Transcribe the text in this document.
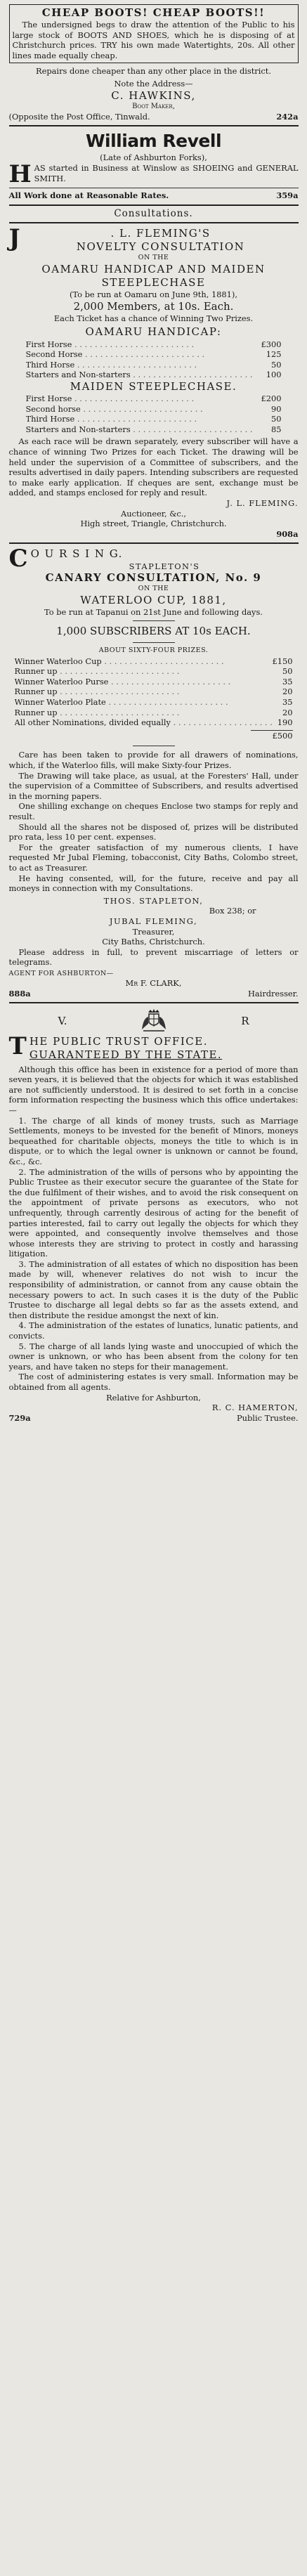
CHEAP BOOTS! CHEAP BOOTS!!

The undersigned begs to draw the attention of the Public to his large stock of BOOTS AND SHOES, which he is disposing of at Christchurch prices. TRY his own made Watertights, 20s. All other lines made equally cheap.

Repairs done cheaper than any other place in the district.

Note the Address—

C. HAWKINS,

Boot Maker,

(Opposite the Post Office, Tinwald.	242a

William Revell

(Late of Ashburton Forks),

H AS started in Business at Winslow as SHOEING and GENERAL SMITH.

All Work done at Reasonable Rates.	359a

Consultations.

J	. L. FLEMING'S

NOVELTY CONSULTATION

ON THE

OAMARU HANDICAP AND MAIDEN STEEPLECHASE

(To be run at Oamaru on June 9th, 1881),

2,000 Members, at 10s. Each.

Each Ticket has a chance of Winning Two Prizes.

OAMARU HANDICAP:

First Horse . . .	£300

Second Horse . . .	125

Third Horse . . .	50

Starters and Non-starters . . .	100

MAIDEN STEEPLECHASE.

First Horse . . .	£200

Second horse . . .	90

Third Horse . . .	50

Starters and Non-starters . . .	85

As each race will be drawn separately, every subscriber will have a chance of winning Two Prizes for each Ticket. The drawing will be held under the supervision of a Committee of subscribers, and the results advertised in daily papers. Intending subscribers are requested to make early application. If cheques are sent, exchange must be added, and stamps enclosed for reply and result.

J. L. FLEMING.

Auctioneer, &c.,

High street, Triangle, Christchurch.

908a

C O U R S I N G.

STAPLETON'S

CANARY CONSULTATION, No. 9

ON THE

WATERLOO CUP, 1881,

To be run at Tapanui on 21st June and following days.

1,000 SUBSCRIBERS AT 10s EACH.

ABOUT SIXTY-FOUR PRIZES.

Winner Waterloo Cup . . .	£150

Runner up . . .	50

Winner Waterloo Purse . . .	35

Runner up . . .	20

Winner Waterloo Plate . . .	35

Runner up . . .	20

All other Nominations, divided equally . . .	190

£500

Care has been taken to provide for all drawers of nominations, which, if the Waterloo fills, will make Sixty-four Prizes.

The Drawing will take place, as usual, at the Foresters' Hall, under the supervision of a Committee of Subscribers, and results advertised in the morning papers.

One shilling exchange on cheques Enclose two stamps for reply and result.

Should all the shares not be disposed of, prizes will be distributed pro rata, less 10 per cent. expenses.

For the greater satisfaction of my numerous clients, I have requested Mr Jubal Fleming, tobacconist, City Baths, Colombo street, to act as Treasurer.

He having consented, will, for the future, receive and pay all moneys in connection with my Consultations.

THOS. STAPLETON,

Box 238; or

JUBAL FLEMING,

Treasurer,

City Baths, Christchurch.

Please address in full, to prevent miscarriage of letters or telegrams.

AGENT FOR ASHBURTON—

Mr F. CLARK,

888a	Hairdresser.

V.	R
T HE PUBLIC TRUST OFFICE.

GUARANTEED BY THE STATE.

Although this office has been in existence for a period of more than seven years, it is believed that the objects for which it was established are not sufficiently understood. It is desired to set forth in a concise form information respecting the business which this office undertakes:—

1. The charge of all kinds of money trusts, such as Marriage Settlements, moneys to be invested for the benefit of Minors, moneys bequeathed for charitable objects, moneys the title to which is in dispute, or to which the legal owner is unknown or cannot be found, &c., &c.

2. The administration of the wills of persons who by appointing the Public Trustee as their executor secure the guarantee of the State for the due fulfilment of their wishes, and to avoid the risk consequent on the appointment of private persons as executors, who not unfrequently, through carrently desirous of acting for the benefit of parties interested, fail to carry out legally the objects for which they were appointed, and consequently involve themselves and those whose interests they are striving to protect in costly and harassing litigation.

3. The administration of all estates of which no disposition has been made by will, whenever relatives do not wish to incur the responsibility of administration, or cannot from any cause obtain the necessary powers to act. In such cases it is the duty of the Public Trustee to discharge all legal debts so far as the assets extend, and then distribute the residue amongst the next of kin.

4. The administration of the estates of lunatics, lunatic patients, and convicts.

5. The charge of all lands lying waste and unoccupied of which the owner is unknown, or who has been absent from the colony for ten years, and have taken no steps for their management.

The cost of administering estates is very small. Information may be obtained from all agents.

Relative for Ashburton,

R. C. HAMERTON,

729a	Public Trustee.
